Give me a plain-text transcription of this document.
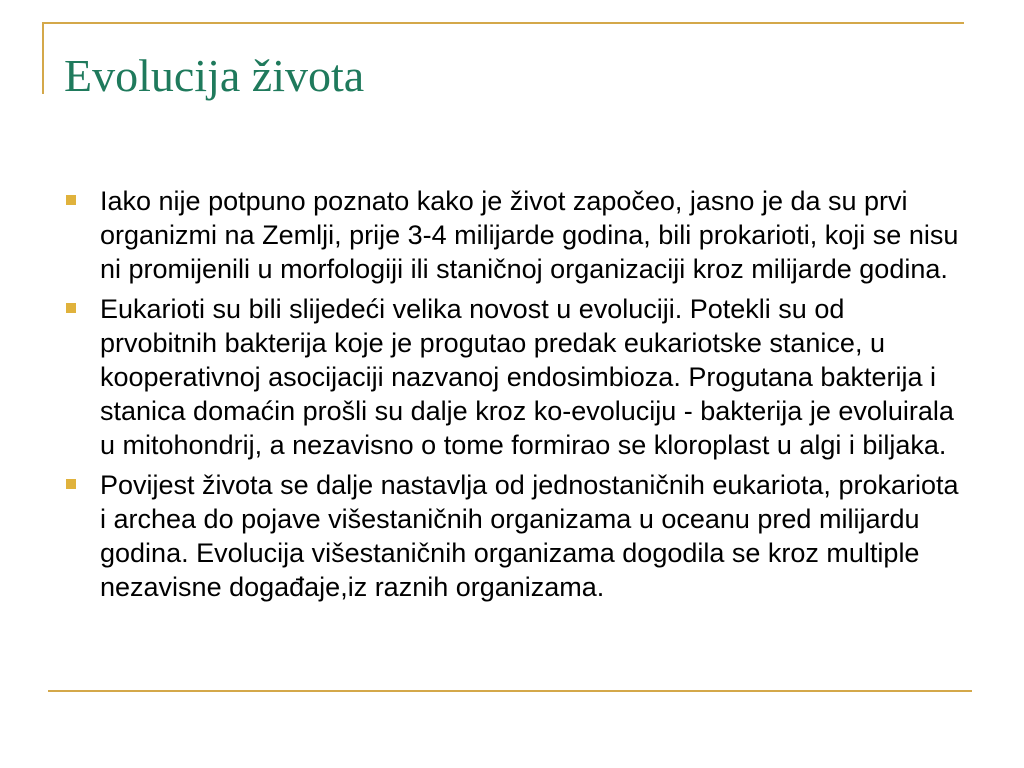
Evolucija života
Iako nije potpuno poznato kako je život započeo, jasno je da su prvi organizmi na Zemlji, prije 3-4 milijarde godina, bili prokarioti, koji se nisu ni promijenili u morfologiji ili staničnoj organizaciji kroz milijarde godina.
Eukarioti su bili slijedeći velika novost u evoluciji. Potekli su od prvobitnih bakterija koje je progutao predak eukariotske stanice, u kooperativnoj asocijaciji nazvanoj endosimbioza. Progutana bakterija i stanica domaćin prošli su dalje kroz ko-evoluciju - bakterija je evoluirala u mitohondrij, a nezavisno o tome formirao se kloroplast u algi i biljaka.
Povijest života se dalje nastavlja od jednostaničnih eukariota, prokariota i archea do pojave višestaničnih organizama u oceanu pred milijardu godina. Evolucija višestaničnih organizama dogodila se kroz multiple nezavisne događaje,iz raznih organizama.
